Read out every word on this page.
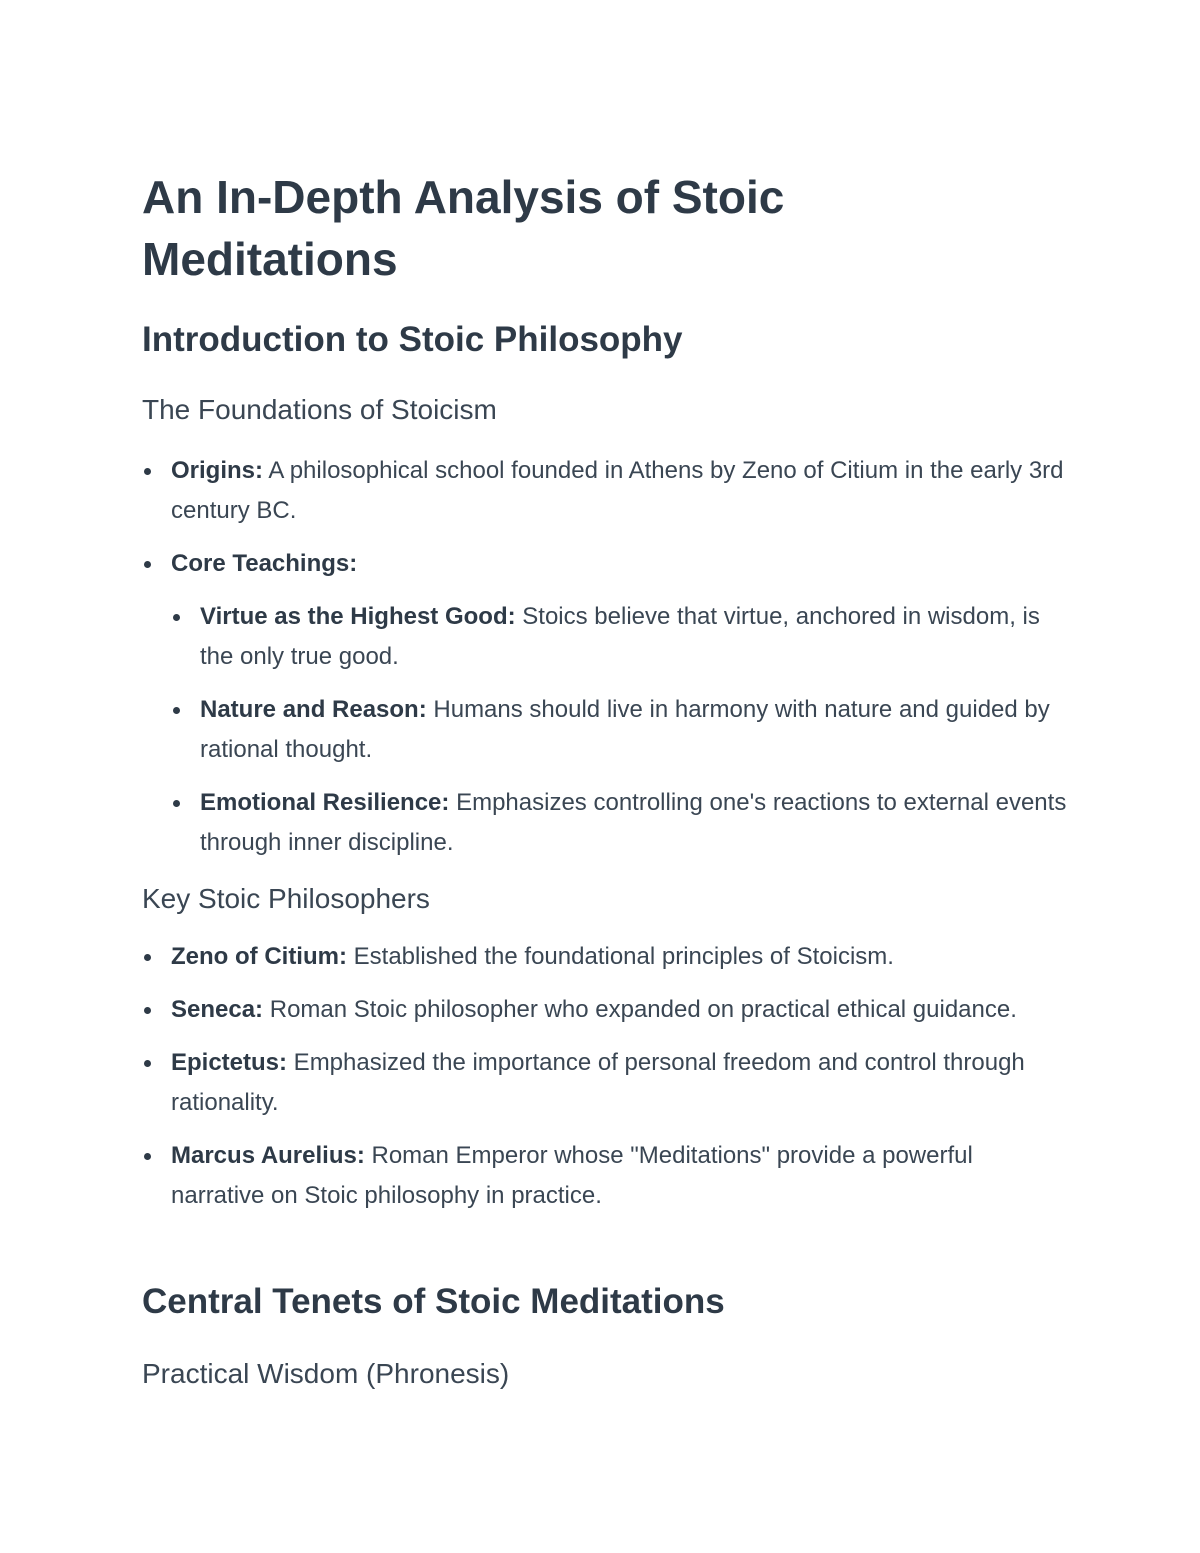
An In-Depth Analysis of Stoic Meditations
Introduction to Stoic Philosophy
The Foundations of Stoicism
Origins: A philosophical school founded in Athens by Zeno of Citium in the early 3rd century BC.
Core Teachings:
Virtue as the Highest Good: Stoics believe that virtue, anchored in wisdom, is the only true good.
Nature and Reason: Humans should live in harmony with nature and guided by rational thought.
Emotional Resilience: Emphasizes controlling one's reactions to external events through inner discipline.
Key Stoic Philosophers
Zeno of Citium: Established the foundational principles of Stoicism.
Seneca: Roman Stoic philosopher who expanded on practical ethical guidance.
Epictetus: Emphasized the importance of personal freedom and control through rationality.
Marcus Aurelius: Roman Emperor whose "Meditations" provide a powerful narrative on Stoic philosophy in practice.
Central Tenets of Stoic Meditations
Practical Wisdom (Phronesis)
